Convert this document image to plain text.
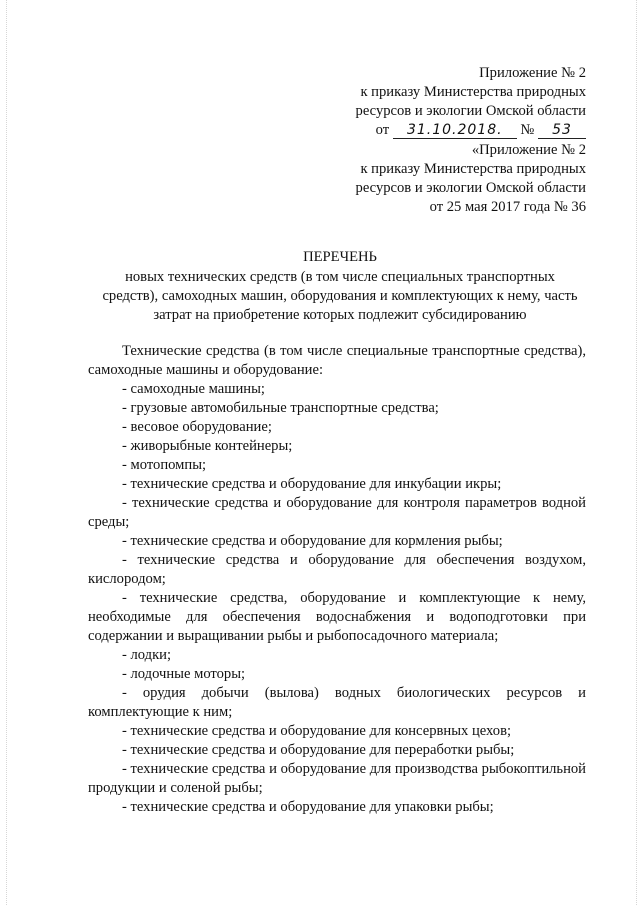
Приложение № 2
к приказу Министерства природных
ресурсов и экологии Омской области
от 31.10.2018. № 53
«Приложение № 2
к приказу Министерства природных
ресурсов и экологии Омской области
от 25 мая 2017 года № 36
ПЕРЕЧЕНЬ
новых технических средств (в том числе специальных транспортных
средств), самоходных машин, оборудования и комплектующих к нему, часть
затрат на приобретение которых подлежит субсидированию

Технические средства (в том числе специальные транспортные средства), самоходные машины и оборудование:

- самоходные машины;

- грузовые автомобильные транспортные средства;

- весовое оборудование;

- живорыбные контейнеры;

- мотопомпы;

- технические средства и оборудование для инкубации икры;

- технические средства и оборудование для контроля параметров водной среды;

- технические средства и оборудование для кормления рыбы;

- технические средства и оборудование для обеспечения воздухом, кислородом;

- технические средства, оборудование и комплектующие к нему, необходимые для обеспечения водоснабжения и водоподготовки при содержании и выращивании рыбы и рыбопосадочного материала;

- лодки;

- лодочные моторы;

- орудия добычи (вылова) водных биологических ресурсов и комплектующие к ним;

- технические средства и оборудование для консервных цехов;

- технические средства и оборудование для переработки рыбы;

- технические средства и оборудование для производства рыбокоптильной продукции и соленой рыбы;

- технические средства и оборудование для упаковки рыбы;
